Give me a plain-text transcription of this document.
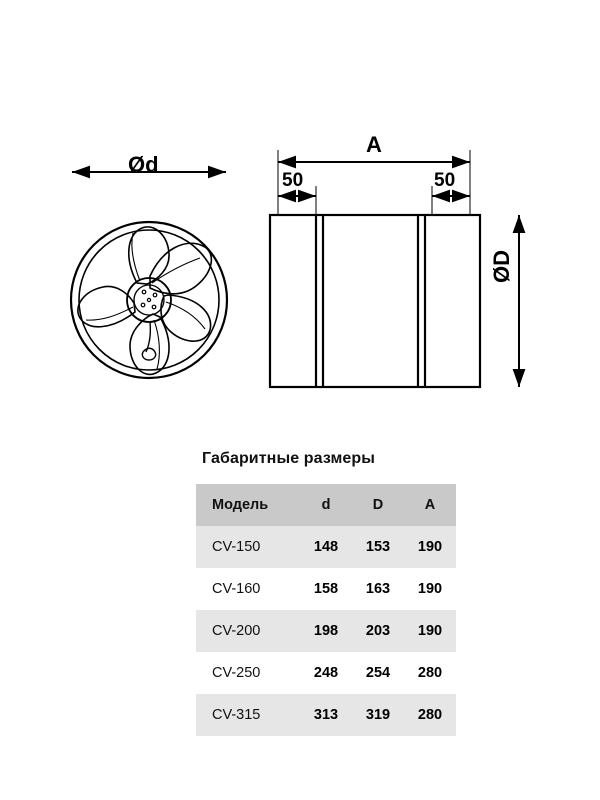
Ød
A
50	50
ØD
Габаритные размеры
Модель	d	D	A
CV-150	148	153	190
CV-160	158	163	190
CV-200	198	203	190
CV-250	248	254	280
CV-315	313	319	280
